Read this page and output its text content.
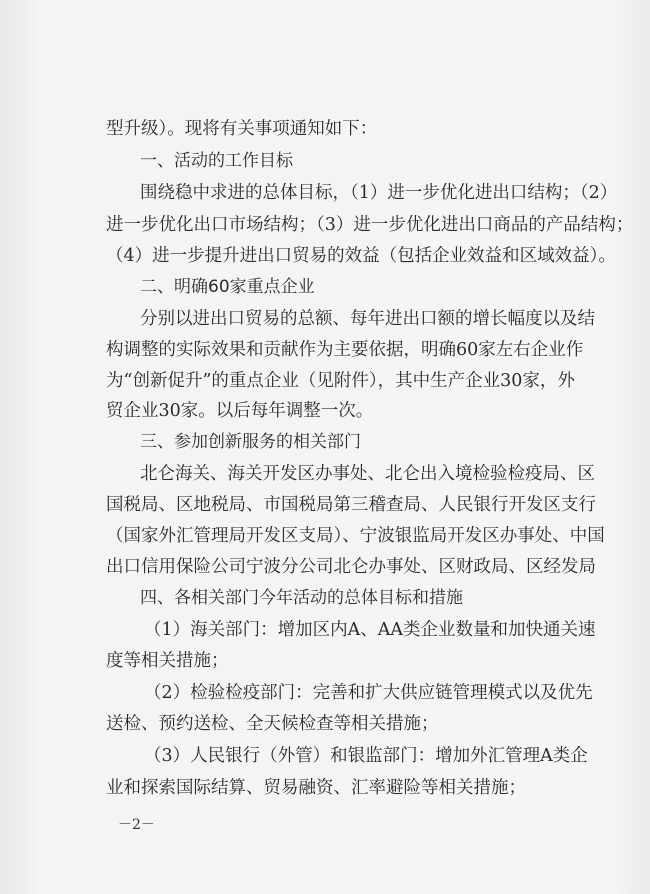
型升级）。现将有关事项通知如下：
一、活动的工作目标
围绕稳中求进的总体目标，（1）进一步优化进出口结构；（2）
进一步优化出口市场结构；（3）进一步优化进出口商品的产品结构；
（4）进一步提升进出口贸易的效益（包括企业效益和区域效益）。
二、明确60家重点企业
分别以进出口贸易的总额、每年进出口额的增长幅度以及结
构调整的实际效果和贡献作为主要依据，明确60家左右企业作
为“创新促升”的重点企业（见附件），其中生产企业30家，外
贸企业30家。以后每年调整一次。
三、参加创新服务的相关部门
北仑海关、海关开发区办事处、北仑出入境检验检疫局、区
国税局、区地税局、市国税局第三稽查局、人民银行开发区支行
（国家外汇管理局开发区支局）、宁波银监局开发区办事处、中国
出口信用保险公司宁波分公司北仑办事处、区财政局、区经发局
四、各相关部门今年活动的总体目标和措施
（1）海关部门：增加区内A、AA类企业数量和加快通关速
度等相关措施；
（2）检验检疫部门：完善和扩大供应链管理模式以及优先
送检、预约送检、全天候检查等相关措施；
（3）人民银行（外管）和银监部门：增加外汇管理A类企
业和探索国际结算、贸易融资、汇率避险等相关措施；
－2－
